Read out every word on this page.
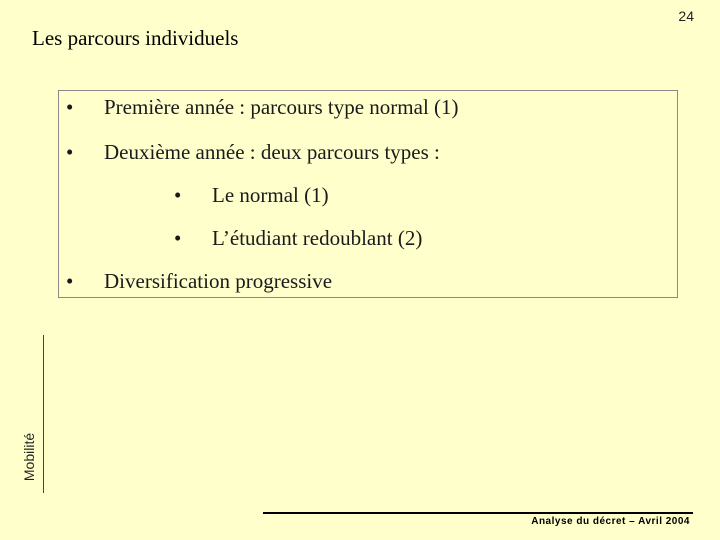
24
Les parcours individuels
•	Première année : parcours type normal (1)
•	Deuxième année : deux parcours types :
•	Le normal (1)
•	L’étudiant redoublant (2)
•	Diversification progressive
Mobilité
Analyse du décret – Avril 2004
